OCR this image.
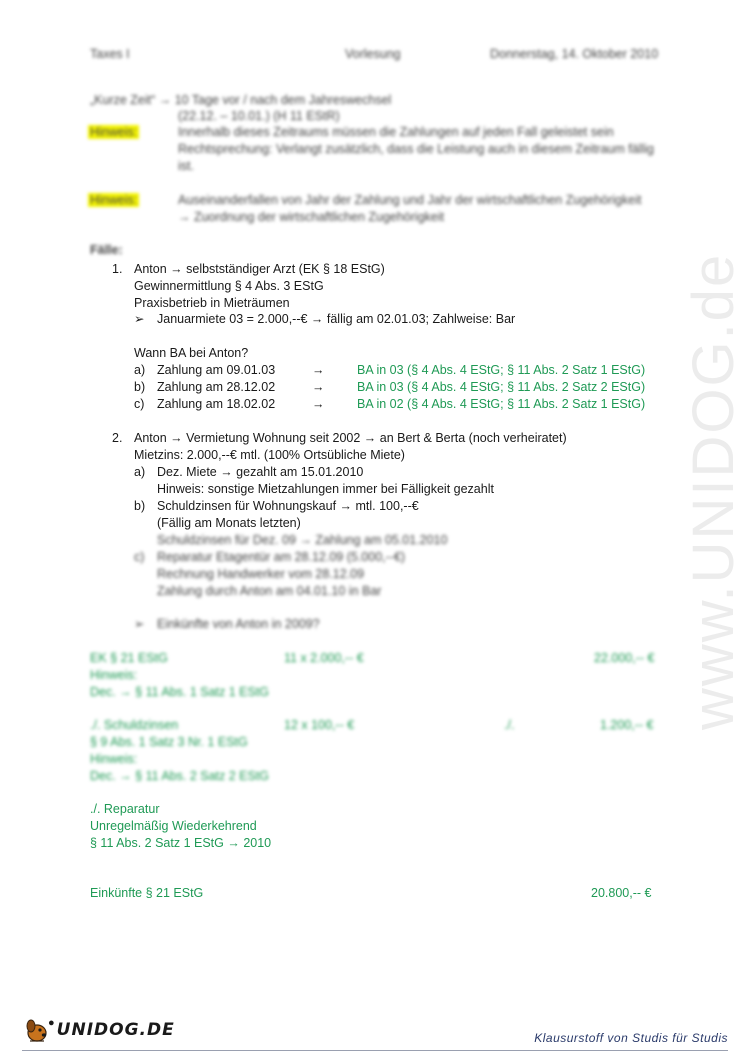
www.UNIDOG.de
Taxes I	Vorlesung	Donnerstag, 14. Oktober 2010
„Kurze Zeit“ → 10 Tage vor / nach dem Jahreswechsel
(22.12. – 10.01.) (H 11 EStR)
Hinweis:	Innerhalb dieses Zeitraums müssen die Zahlungen auf jeden Fall geleistet sein
Rechtsprechung: Verlangt zusätzlich, dass die Leistung auch in diesem Zeitraum fällig
ist.
Hinweis:	Auseinanderfallen von Jahr der Zahlung und Jahr der wirtschaftlichen Zugehörigkeit
→ Zuordnung der wirtschaftlichen Zugehörigkeit
Fälle:
1. Anton → selbstständiger Arzt (EK § 18 EStG)
Gewinnermittlung § 4 Abs. 3 EStG
Praxisbetrieb in Mieträumen
➢ Januarmiete 03 = 2.000,--€ → fällig am 02.01.03; Zahlweise: Bar
Wann BA bei Anton?
a) Zahlung am 09.01.03	→	BA in 03 (§ 4 Abs. 4 EStG; § 11 Abs. 2 Satz 1 EStG)
b) Zahlung am 28.12.02	→	BA in 03 (§ 4 Abs. 4 EStG; § 11 Abs. 2 Satz 2 EStG)
c) Zahlung am 18.02.02	→	BA in 02 (§ 4 Abs. 4 EStG; § 11 Abs. 2 Satz 1 EStG)
2. Anton → Vermietung Wohnung seit 2002 → an Bert & Berta (noch verheiratet)
Mietzins: 2.000,--€ mtl. (100% Ortsübliche Miete)
a) Dez. Miete → gezahlt am 15.01.2010
Hinweis: sonstige Mietzahlungen immer bei Fälligkeit gezahlt
b) Schuldzinsen für Wohnungskauf → mtl. 100,--€
(Fällig am Monats letzten)
Schuldzinsen für Dez. 09 → Zahlung am 05.01.2010
c) Reparatur Etagentür am 28.12.09 (5.000,--€)
Rechnung Handwerker vom 28.12.09
Zahlung durch Anton am 04.01.10 in Bar
➢ Einkünfte von Anton in 2009?
EK § 21 EStG	11 x 2.000,-- €	22.000,-- €
Hinweis:
Dec. → § 11 Abs. 1 Satz 1 EStG
./. Schuldzinsen	12 x 100,-- €	./.	1.200,-- €
§ 9 Abs. 1 Satz 3 Nr. 1 EStG
Hinweis:
Dec. → § 11 Abs. 2 Satz 2 EStG
./. Reparatur
Unregelmäßig Wiederkehrend
§ 11 Abs. 2 Satz 1 EStG → 2010
Einkünfte § 21 EStG	20.800,-- €
● UNIDOG.DE	Klausurstoff von Studis für Studis
